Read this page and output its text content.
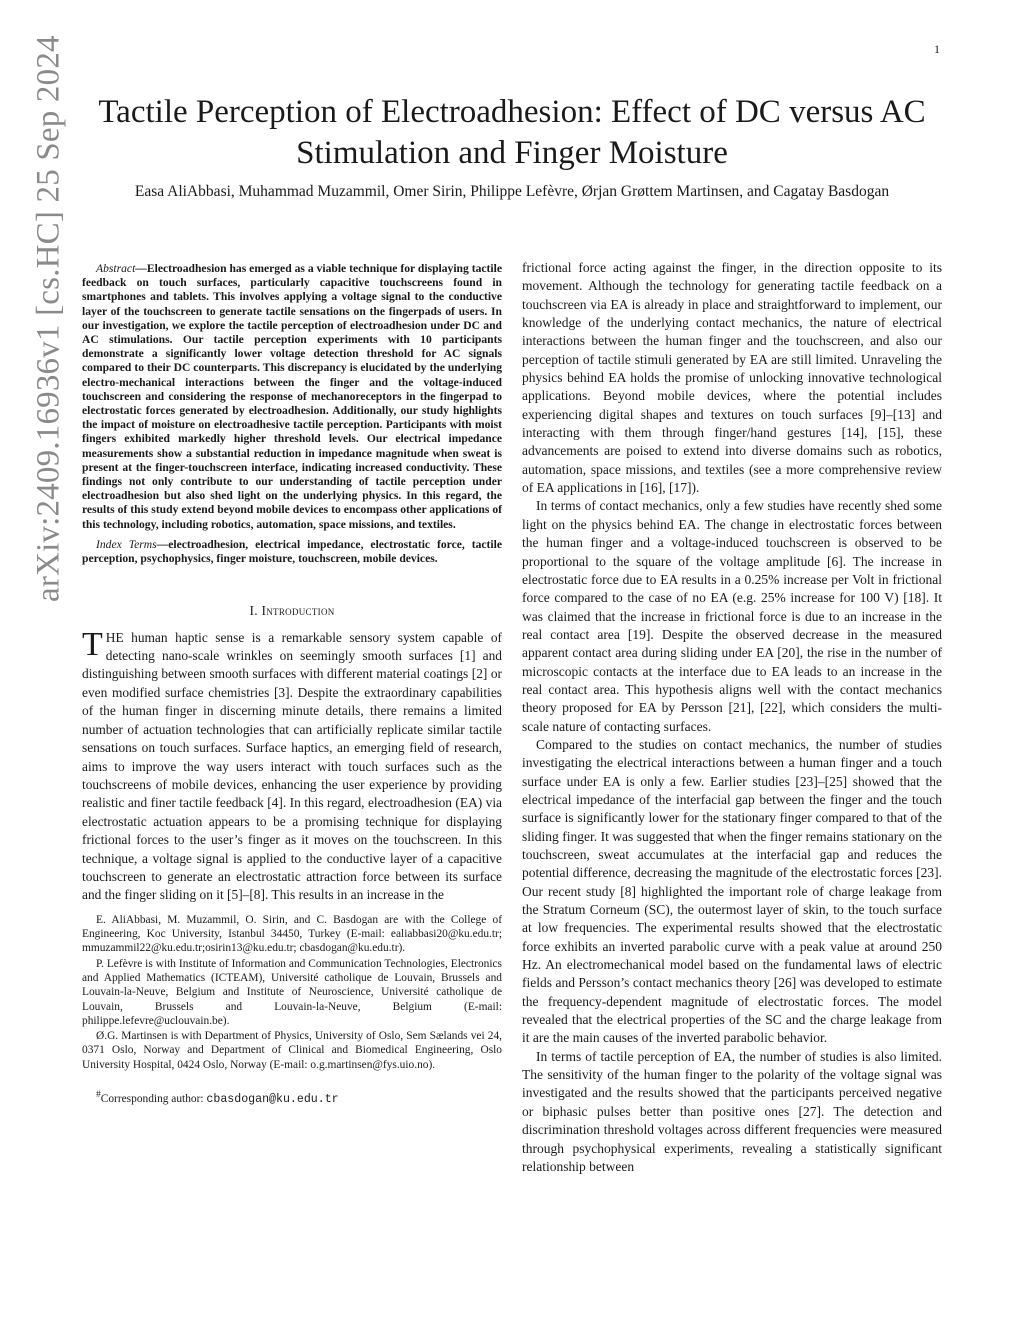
1
arXiv:2409.16936v1 [cs.HC] 25 Sep 2024 Tactile Perception of Electroadhesion: Effect of DC versus AC
Stimulation and Finger Moisture
Easa AliAbbasi, Muhammad Muzammil, Omer Sirin, Philippe Lefèvre, Ørjan Grøttem Martinsen, and Cagatay Basdogan

Abstract—Electroadhesion has emerged as a viable technique for displaying tactile feedback on touch surfaces, particularly capacitive touchscreens found in smartphones and tablets. This involves applying a voltage signal to the conductive layer of the touchscreen to generate tactile sensations on the fingerpads of users. In our investigation, we explore the tactile perception of electroadhesion under DC and AC stimulations. Our tactile perception experiments with 10 participants demonstrate a significantly lower voltage detection threshold for AC signals compared to their DC counterparts. This discrepancy is elucidated by the underlying electro-mechanical interactions between the finger and the voltage-induced touchscreen and considering the response of mechanoreceptors in the fingerpad to electrostatic forces generated by electroadhesion. Additionally, our study highlights the impact of moisture on electroadhesive tactile perception. Participants with moist fingers exhibited markedly higher threshold levels. Our electrical impedance measurements show a substantial reduction in impedance magnitude when sweat is present at the finger-touchscreen interface, indicating increased conductivity. These findings not only contribute to our understanding of tactile perception under electroadhesion but also shed light on the underlying physics. In this regard, the results of this study extend beyond mobile devices to encompass other applications of this technology, including robotics, automation, space missions, and textiles.

Index Terms—electroadhesion, electrical impedance, electrostatic force, tactile perception, psychophysics, finger moisture, touchscreen, mobile devices.

I. Introduction

THE human haptic sense is a remarkable sensory system capable of detecting nano-scale wrinkles on seemingly smooth surfaces [1] and distinguishing between smooth surfaces with different material coatings [2] or even modified surface chemistries [3]. Despite the extraordinary capabilities of the human finger in discerning minute details, there remains a limited number of actuation technologies that can artificially replicate similar tactile sensations on touch surfaces. Surface haptics, an emerging field of research, aims to improve the way users interact with touch surfaces such as the touchscreens of mobile devices, enhancing the user experience by providing realistic and finer tactile feedback [4]. In this regard, electroadhesion (EA) via electrostatic actuation appears to be a promising technique for displaying frictional forces to the user’s finger as it moves on the touchscreen. In this technique, a voltage signal is applied to the conductive layer of a capacitive touchscreen to generate an electrostatic attraction force between its surface and the finger sliding on it [5]–[8]. This results in an increase in the

E. AliAbbasi, M. Muzammil, O. Sirin, and C. Basdogan are with the College of Engineering, Koc University, Istanbul 34450, Turkey (E-mail: ealiabbasi20@ku.edu.tr; mmuzammil22@ku.edu.tr;osirin13@ku.edu.tr; cbasdogan@ku.edu.tr).

P. Lefèvre is with Institute of Information and Communication Technologies, Electronics and Applied Mathematics (ICTEAM), Université catholique de Louvain, Brussels and Louvain-la-Neuve, Belgium and Institute of Neuroscience, Université catholique de Louvain, Brussels and Louvain-la-Neuve, Belgium (E-mail: philippe.lefevre@uclouvain.be).

Ø.G. Martinsen is with Department of Physics, University of Oslo, Sem Sælands vei 24, 0371 Oslo, Norway and Department of Clinical and Biomedical Engineering, Oslo University Hospital, 0424 Oslo, Norway (E-mail: o.g.martinsen@fys.uio.no).

#Corresponding author: cbasdogan@ku.edu.tr

frictional force acting against the finger, in the direction opposite to its movement. Although the technology for generating tactile feedback on a touchscreen via EA is already in place and straightforward to implement, our knowledge of the underlying contact mechanics, the nature of electrical interactions between the human finger and the touchscreen, and also our perception of tactile stimuli generated by EA are still limited. Unraveling the physics behind EA holds the promise of unlocking innovative technological applications. Beyond mobile devices, where the potential includes experiencing digital shapes and textures on touch surfaces [9]–[13] and interacting with them through finger/hand gestures [14], [15], these advancements are poised to extend into diverse domains such as robotics, automation, space missions, and textiles (see a more comprehensive review of EA applications in [16], [17]).

In terms of contact mechanics, only a few studies have recently shed some light on the physics behind EA. The change in electrostatic forces between the human finger and a voltage-induced touchscreen is observed to be proportional to the square of the voltage amplitude [6]. The increase in electrostatic force due to EA results in a 0.25% increase per Volt in frictional force compared to the case of no EA (e.g. 25% increase for 100 V) [18]. It was claimed that the increase in frictional force is due to an increase in the real contact area [19]. Despite the observed decrease in the measured apparent contact area during sliding under EA [20], the rise in the number of microscopic contacts at the interface due to EA leads to an increase in the real contact area. This hypothesis aligns well with the contact mechanics theory proposed for EA by Persson [21], [22], which considers the multi-scale nature of contacting surfaces.

Compared to the studies on contact mechanics, the number of studies investigating the electrical interactions between a human finger and a touch surface under EA is only a few. Earlier studies [23]–[25] showed that the electrical impedance of the interfacial gap between the finger and the touch surface is significantly lower for the stationary finger compared to that of the sliding finger. It was suggested that when the finger remains stationary on the touchscreen, sweat accumulates at the interfacial gap and reduces the potential difference, decreasing the magnitude of the electrostatic forces [23]. Our recent study [8] highlighted the important role of charge leakage from the Stratum Corneum (SC), the outermost layer of skin, to the touch surface at low frequencies. The experimental results showed that the electrostatic force exhibits an inverted parabolic curve with a peak value at around 250 Hz. An electromechanical model based on the fundamental laws of electric fields and Persson’s contact mechanics theory [26] was developed to estimate the frequency-dependent magnitude of electrostatic forces. The model revealed that the electrical properties of the SC and the charge leakage from it are the main causes of the inverted parabolic behavior.

In terms of tactile perception of EA, the number of studies is also limited. The sensitivity of the human finger to the polarity of the voltage signal was investigated and the results showed that the participants perceived negative or biphasic pulses better than positive ones [27]. The detection and discrimination threshold voltages across different frequencies were measured through psychophysical experiments, revealing a statistically significant relationship between
